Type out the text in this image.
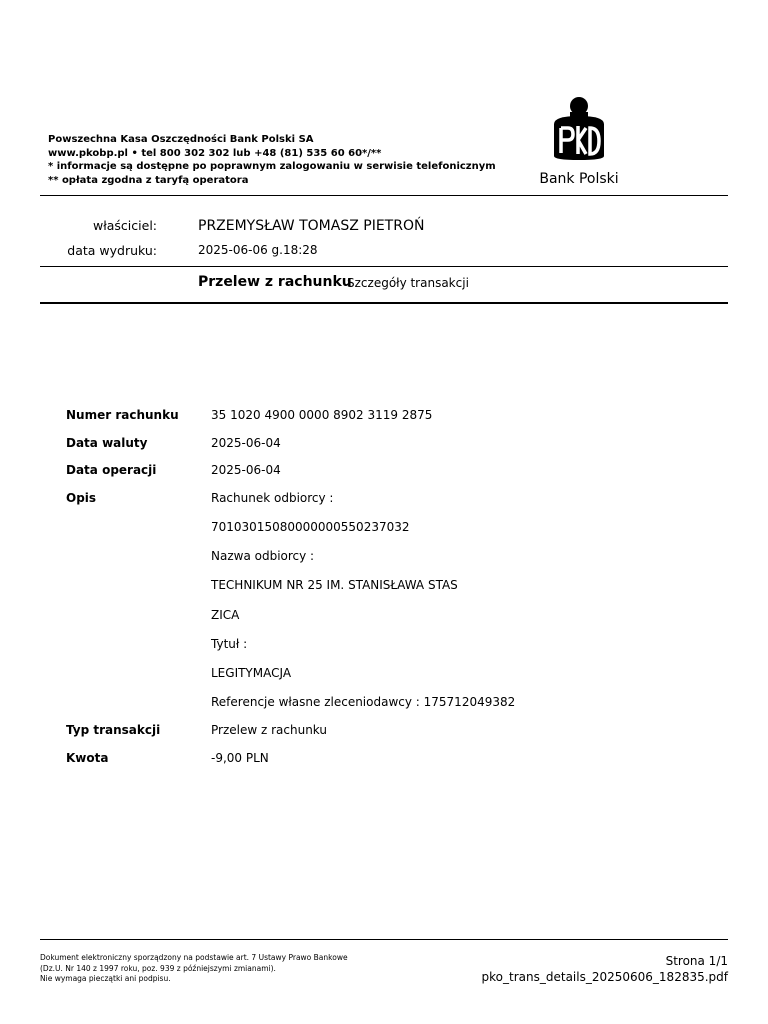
Powszechna Kasa Oszczędności Bank Polski SA
www.pkobp.pl • tel 800 302 302 lub +48 (81) 535 60 60*/**
* informacje są dostępne po poprawnym zalogowaniu w serwisie telefonicznym
** opłata zgodna z taryfą operatora	Bank Polski
właściciel:	PRZEMYSŁAW TOMASZ PIETROŃ
data wydruku:	2025-06-06 g.18:28
Przelew z rachunku
Szczegóły transakcji
Numer rachunku	35 1020 4900 0000 8902 3119 2875
Data waluty	2025-06-04
Data operacji	2025-06-04
Opis	Rachunek odbiorcy :
70103015080000000550237032
Nazwa odbiorcy :
TECHNIKUM NR 25 IM. STANISŁAWA STAS
ZICA
Tytuł :
LEGITYMACJA
Referencje własne zleceniodawcy : 175712049382
Typ transakcji	Przelew z rachunku
Kwota	-9,00 PLN
Dokument elektroniczny sporządzony na podstawie art. 7 Ustawy Prawo Bankowe
(Dz.U. Nr 140 z 1997 roku, poz. 939 z późniejszymi zmianami).
Nie wymaga pieczątki ani podpisu.
Strona 1/1
pko_trans_details_20250606_182835.pdf
